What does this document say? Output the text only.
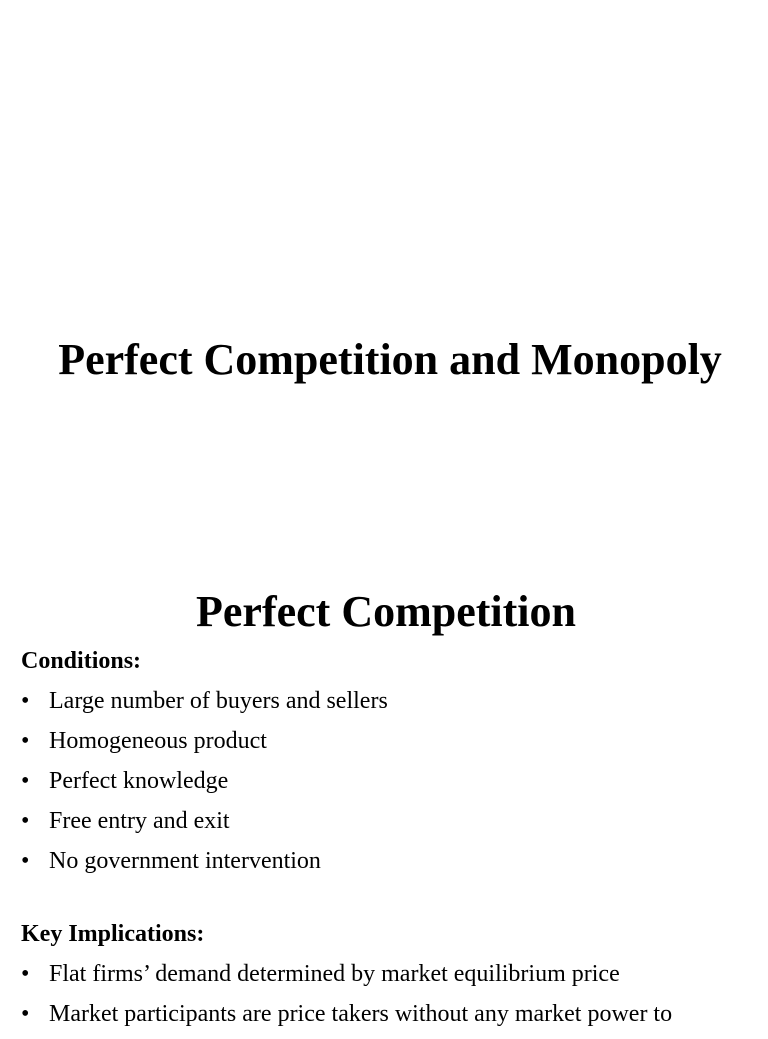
Perfect Competition and Monopoly
Perfect Competition
Conditions:
• Large number of buyers and sellers
• Homogeneous product
• Perfect knowledge
• Free entry and exit
• No government intervention
Key Implications:
• Flat firms’ demand determined by market equilibrium price
• Market participants are price takers without any market power to
